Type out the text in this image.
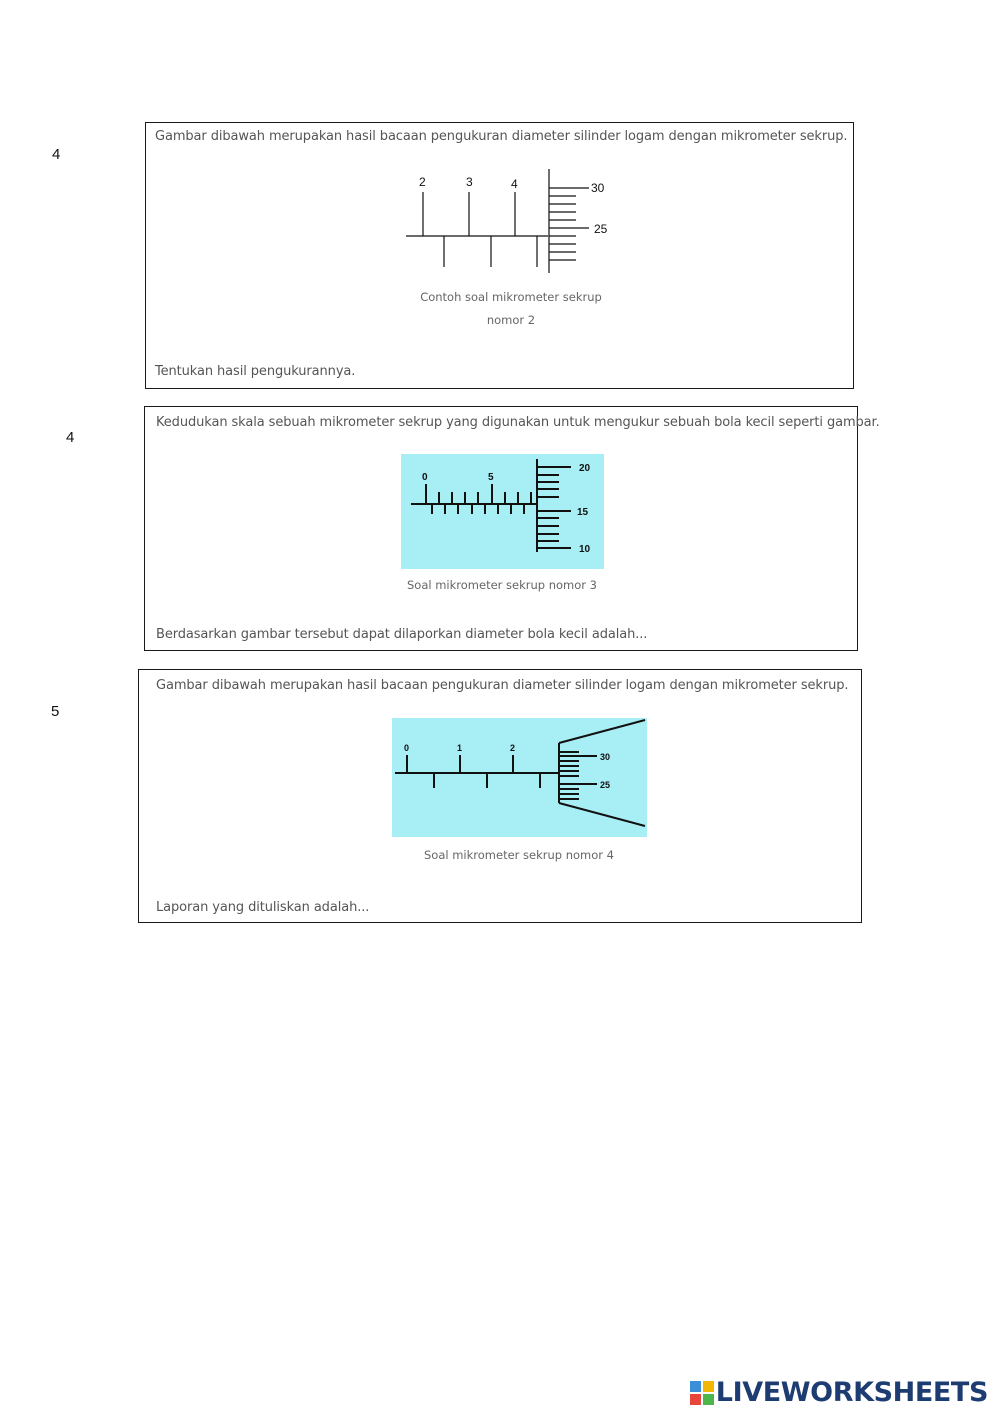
4
Gambar dibawah merupakan hasil bacaan pengukuran diameter silinder logam dengan mikrometer sekrup.
2	3	4	30
25
Contoh soal mikrometer sekrup
nomor 2
Tentukan hasil pengukurannya.
4
Kedudukan skala sebuah mikrometer sekrup yang digunakan untuk mengukur sebuah bola kecil seperti gambar.
0	5
20
15
10
Soal mikrometer sekrup nomor 3
Berdasarkan gambar tersebut dapat dilaporkan diameter bola kecil adalah...
5
Gambar dibawah merupakan hasil bacaan pengukuran diameter silinder logam dengan mikrometer sekrup.
0	1	2
30
25
Soal mikrometer sekrup nomor 4
Laporan yang dituliskan adalah...
LIVEWORKSHEETS
